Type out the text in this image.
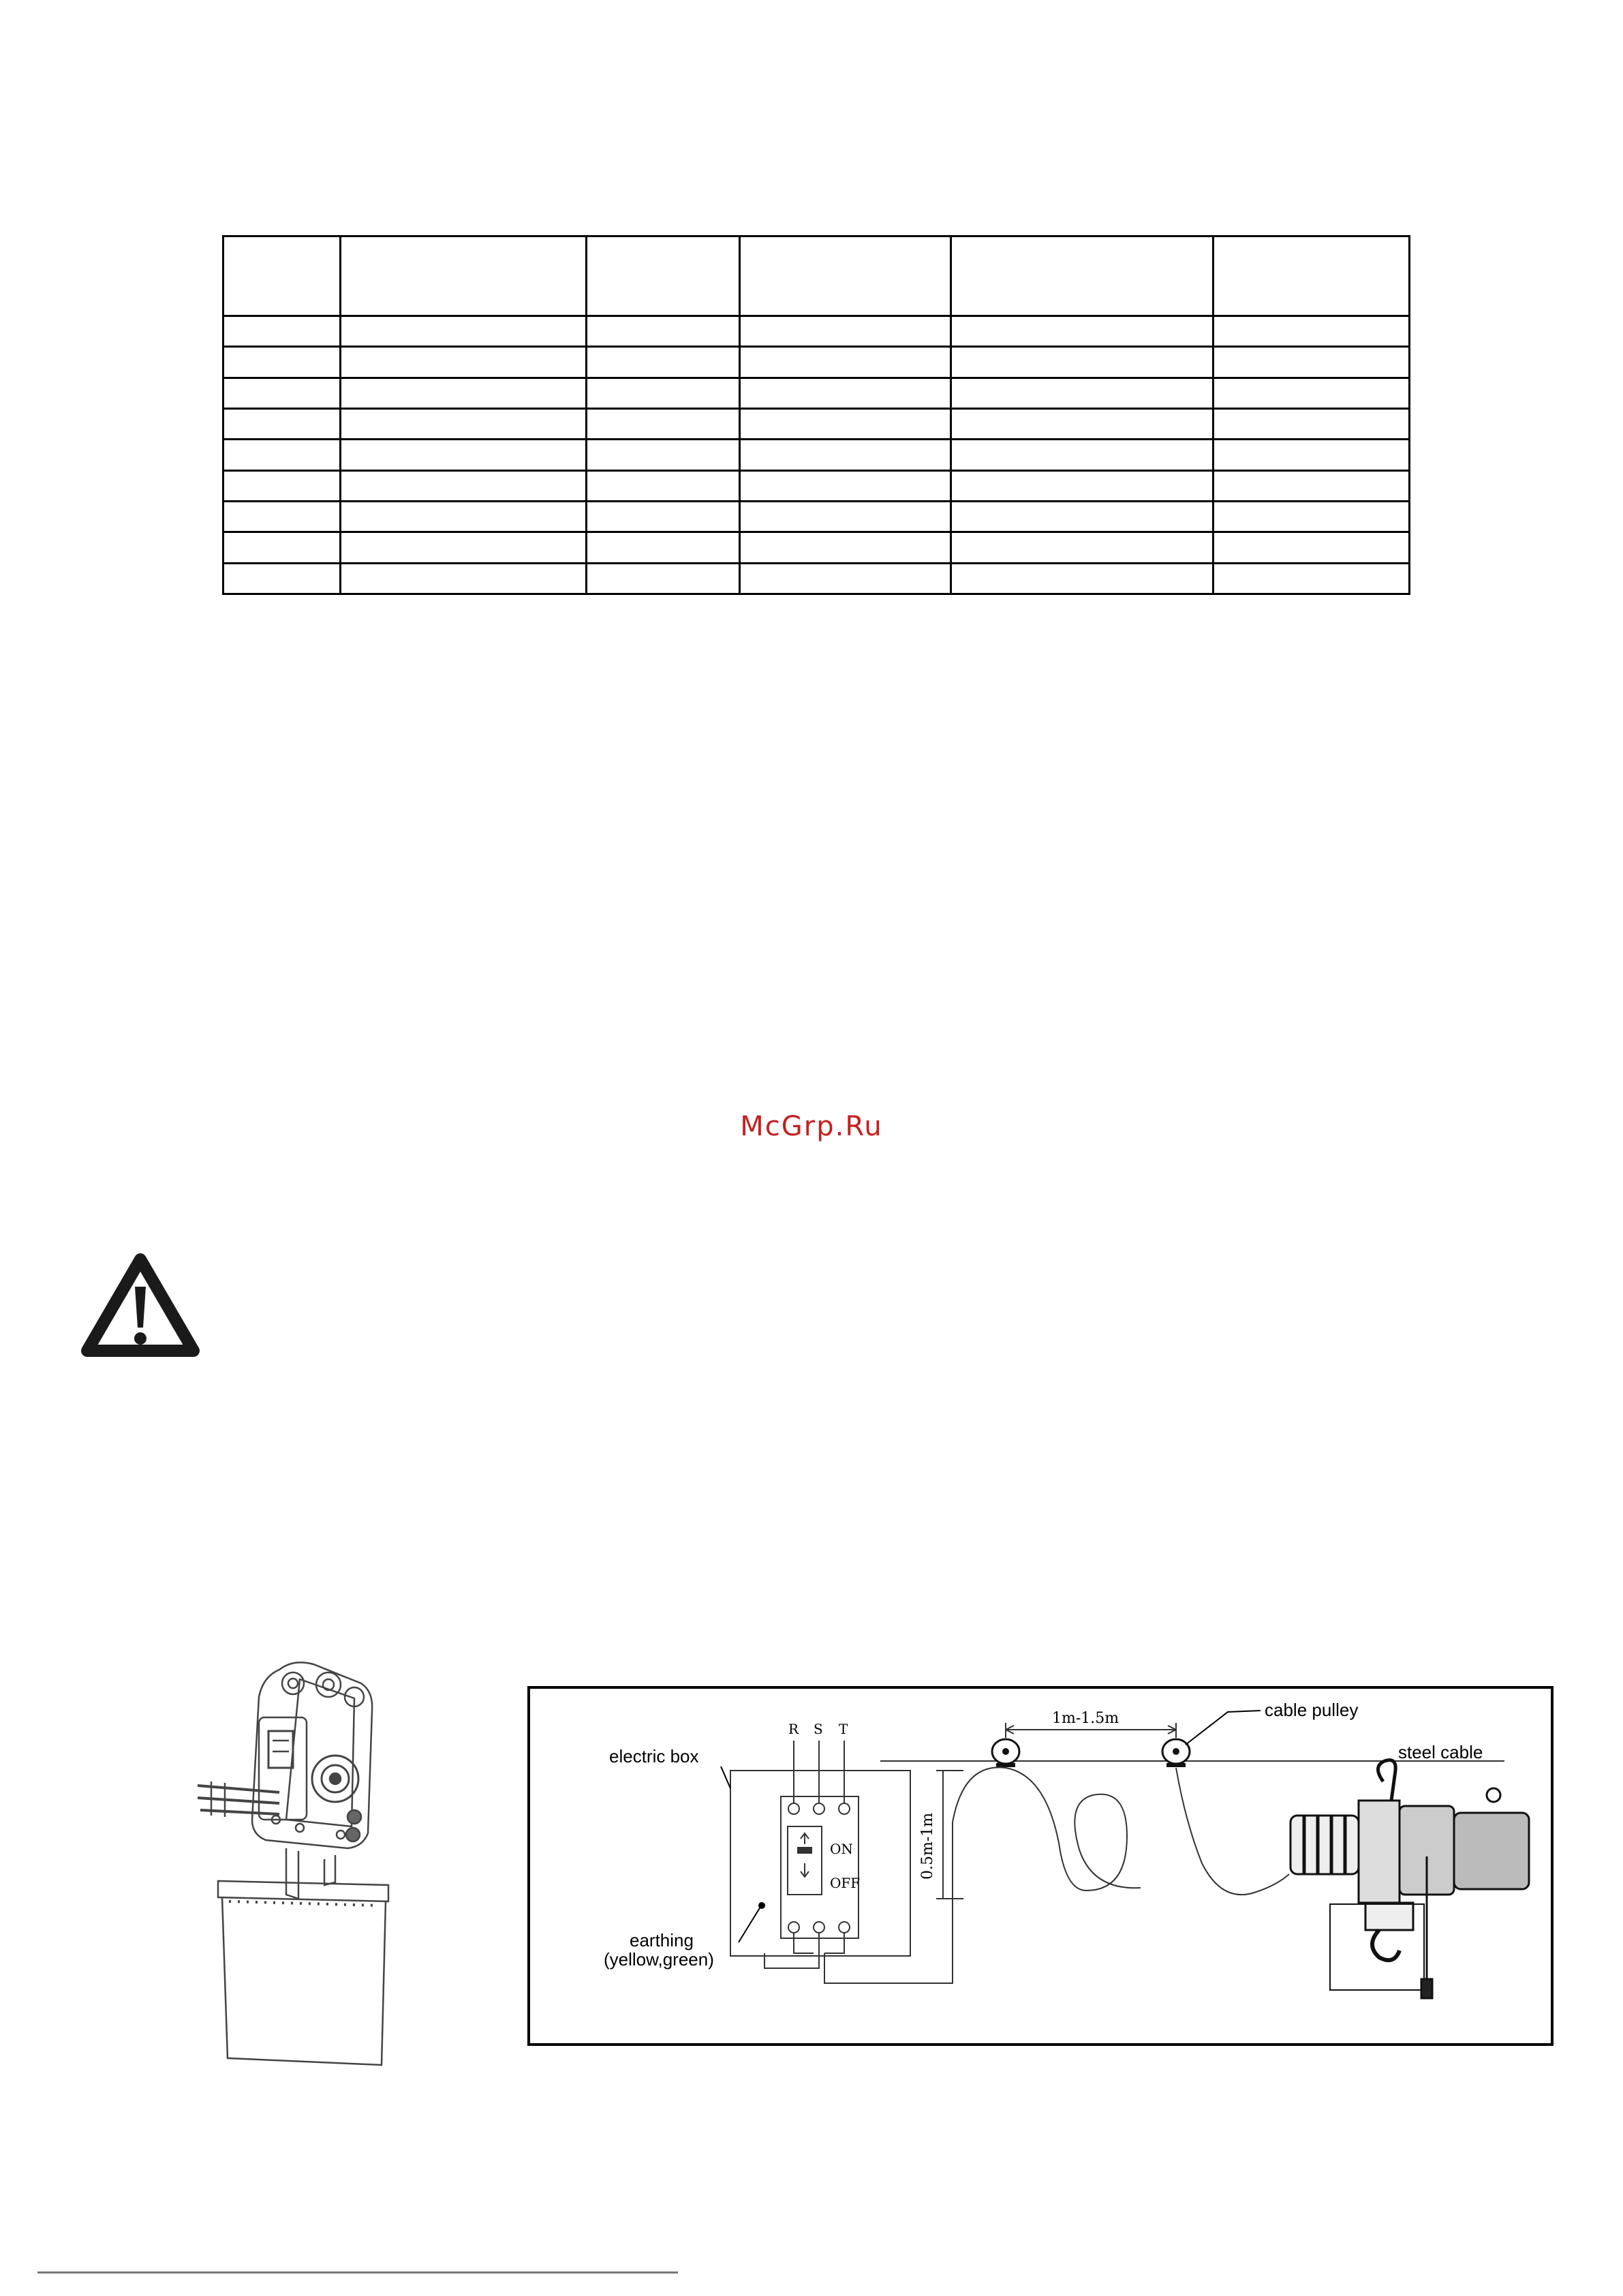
McGrp.Ru
R S T
ON
OFF
electric box
earthing
(yellow,green)
steel cable
cable pulley
1m-1.5m
0.5m-1m
